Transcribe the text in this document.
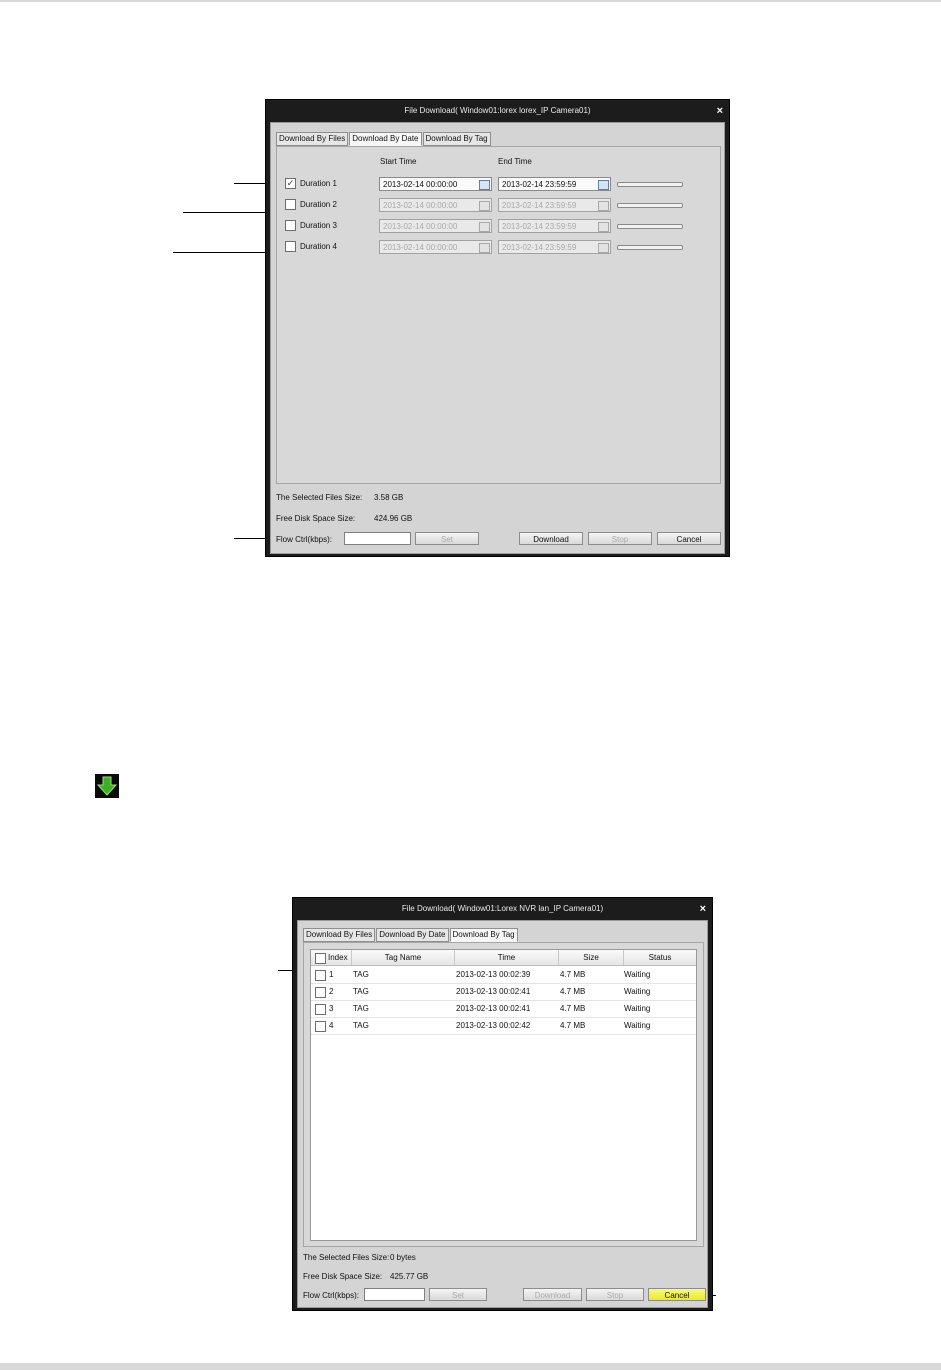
File Download( Window01:lorex lorex_IP Camera01)	×
Download By Files Download By Date Download By Tag
Start Time	End Time
✓ Duration 1	2013-02-14 00:00:00	2013-02-14 23:59:59
Duration 2	2013-02-14 00:00:00	2013-02-14 23:59:59
Duration 3	2013-02-14 00:00:00	2013-02-14 23:59:59
Duration 4	2013-02-14 00:00:00	2013-02-14 23:59:59
The Selected Files Size: 3.58 GB
Free Disk Space Size: 424.96 GB
Flow Ctrl(kbps):	Set	Download	Stop	Cancel
File Download( Window01:Lorex NVR lan_IP Camera01)	×
Download By Files Download By Date Download By Tag
Index	Tag Name	Time	Size	Status
1 TAG	2013-02-13 00:02:39	4.7 MB	Waiting
2 TAG	2013-02-13 00:02:41	4.7 MB	Waiting
3 TAG	2013-02-13 00:02:41	4.7 MB	Waiting
4 TAG	2013-02-13 00:02:42	4.7 MB	Waiting
The Selected Files Size: 0 bytes
Free Disk Space Size: 425.77 GB
Flow Ctrl(kbps):	Set	Download	Stop	Cancel
